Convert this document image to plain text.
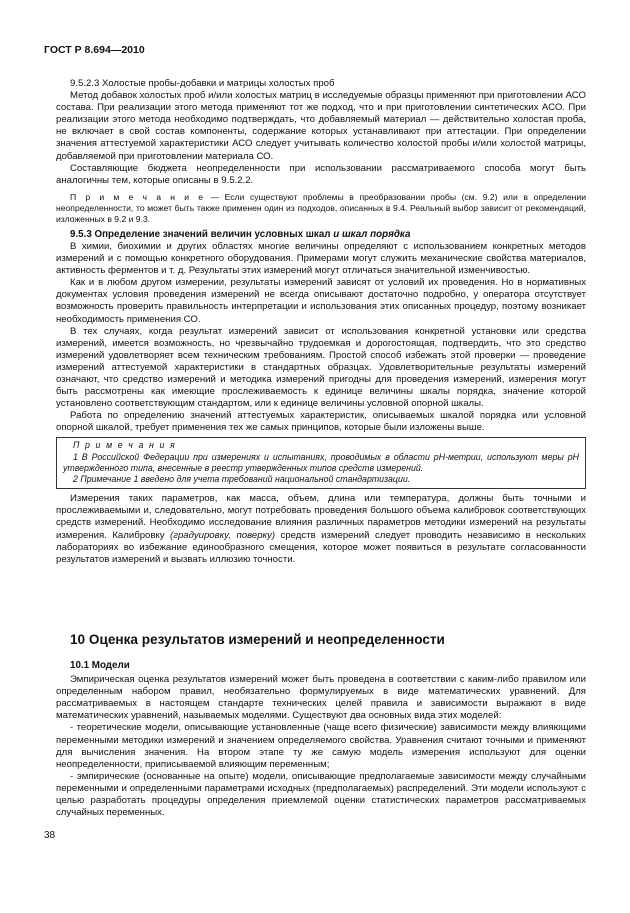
ГОСТ Р 8.694—2010

9.5.2.3 Холостые пробы-добавки и матрицы холостых проб

Метод добавок холостых проб и/или холостых матриц в исследуемые образцы применяют при приготовлении АСО состава. При реализации этого метода применяют тот же подход, что и при приготовлении синтетических АСО. При реализации этого метода необходимо подтверждать, что добавляемый материал — действительно холостая проба, не включает в свой состав компоненты, содержание которых устанавливают при аттестации. При определении значения аттестуемой характеристики АСО следует учитывать количество холостой пробы и/или холостой матрицы, добавляемой при приготовлении материала СО.

Составляющие бюджета неопределенности при использовании рассматриваемого способа могут быть аналогичны тем, которые описаны в 9.5.2.2.

П р и м е ч а н и е — Если существуют проблемы в преобразовании пробы (см. 9.2) или в определении неопределенности, то может быть также применен один из подходов, описанных в 9.4. Реальный выбор зависит от рекомендаций, изложенных в 9.2 и 9.3.

9.5.3 Определение значений величин условных шкал и шкал порядка

В химии, биохимии и других областях многие величины определяют с использованием конкретных методов измерений и с помощью конкретного оборудования. Примерами могут служить механические свойства материалов, активность ферментов и т. д. Результаты этих измерений могут отличаться значительной изменчивостью.

Как и в любом другом измерении, результаты измерений зависят от условий их проведения. Но в нормативных документах условия проведения измерений не всегда описывают достаточно подробно, у оператора отсутствует возможность проверить правильность интерпретации и использования этих описанных процедур, поэтому возникает необходимость применения СО.

В тех случаях, когда результат измерений зависит от использования конкретной установки или средства измерений, имеется возможность, но чрезвычайно трудоемкая и дорогостоящая, подтвердить, что это средство измерений удовлетворяет всем техническим требованиям. Простой способ избежать этой проверки — проведение измерений аттестуемой характеристики в стандартных образцах. Удовлетворительные результаты измерений означают, что средство измерений и методика измерений пригодны для проведения измерений, измерения могут быть рассмотрены как имеющие прослеживаемость к единице величины шкалы порядка, значение которой установлено соответствующим стандартом, или к единице величины условной опорной шкалы.

Работа по определению значений аттестуемых характеристик, описываемых шкалой порядка или условной опорной шкалой, требует применения тех же самых принципов, которые были изложены выше.

П р и м е ч а н и я

1 В Российской Федерации при измерениях и испытаниях, проводимых в области рН-метрии, используют меры рН утвержденного типа, внесенные в реестр утвержденных типов средств измерений.

2 Примечание 1 введено для учета требований национальной стандартизации.

Измерения таких параметров, как масса, объем, длина или температура, должны быть точными и прослеживаемыми и, следовательно, могут потребовать проведения большого объема калибровок соответствующих средств измерений. Необходимо исследование влияния различных параметров методики измерений на результаты измерения. Калибровку (градуировку, поверку) средств измерений следует проводить независимо в нескольких лабораториях во избежание единообразного смещения, которое может появиться в результате согласованности результатов измерений и вызвать иллюзию точности.

10 Оценка результатов измерений и неопределенности

10.1 Модели

Эмпирическая оценка результатов измерений может быть проведена в соответствии с каким-либо правилом или определенным набором правил, необязательно формулируемых в виде математических уравнений. Для рассматриваемых в настоящем стандарте технических целей правила и зависимости выражают в виде математических уравнений, называемых моделями. Существуют два основных вида этих моделей:

- теоретические модели, описывающие установленные (чаще всего физические) зависимости между влияющими переменными методики измерений и значением определяемого свойства. Уравнения считают точными и применяют для вычисления значения. На втором этапе ту же самую модель измерения используют для оценки неопределенности, приписываемой влияющим переменным;

- эмпирические (основанные на опыте) модели, описывающие предполагаемые зависимости между случайными переменными и определенными параметрами исходных (предполагаемых) распределений. Эти модели используют с целью разработать процедуры определения приемлемой оценки статистических параметров рассматриваемых случайных переменных.

38
